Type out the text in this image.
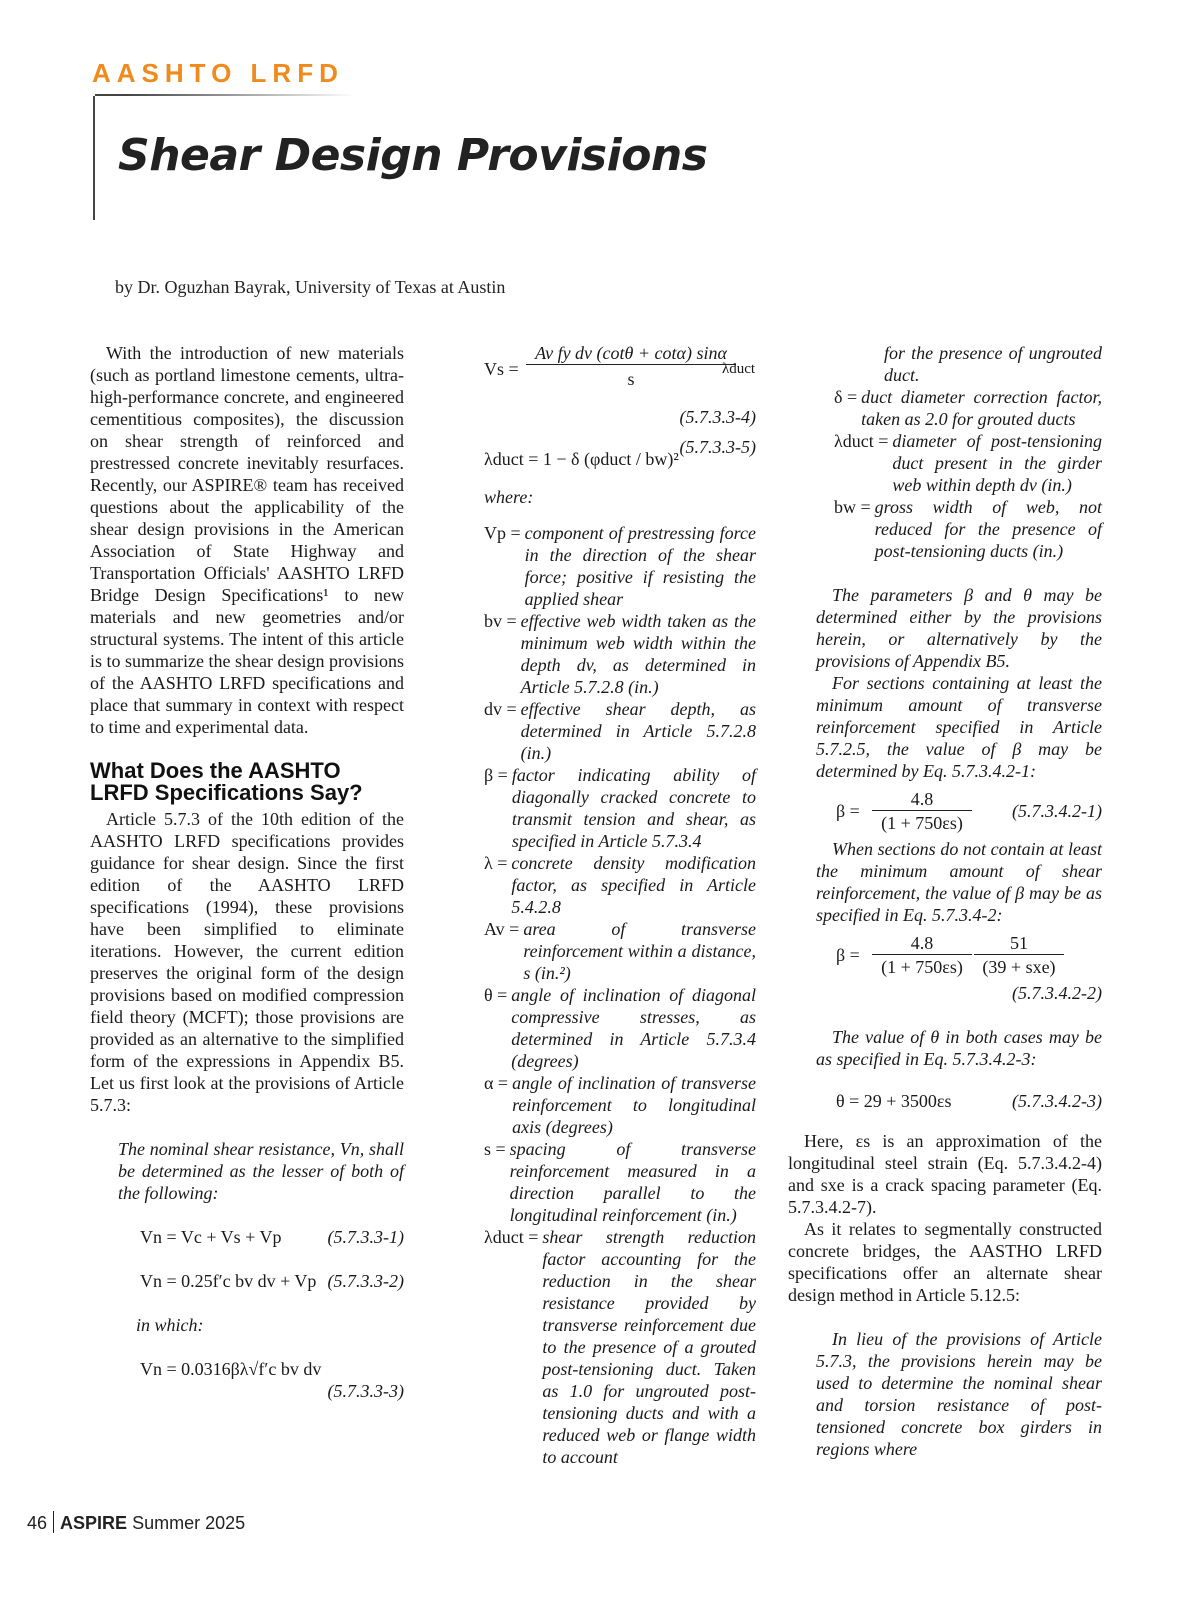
AASHTO LRFD
Shear Design Provisions
by Dr. Oguzhan Bayrak, University of Texas at Austin

With the introduction of new materials (such as portland limestone cements, ultra-high-performance concrete, and engineered cementitious composites), the discussion on shear strength of reinforced and prestressed concrete inevitably resurfaces. Recently, our ASPIRE® team has received questions about the applicability of the shear design provisions in the American Association of State Highway and Transportation Officials' AASHTO LRFD Bridge Design Specifications¹ to new materials and new geometries and/or structural systems. The intent of this article is to summarize the shear design provisions of the AASHTO LRFD specifications and place that summary in context with respect to time and experimental data.

What Does the AASHTO LRFD Specifications Say?

Article 5.7.3 of the 10th edition of the AASHTO LRFD specifications provides guidance for shear design. Since the first edition of the AASHTO LRFD specifications (1994), these provisions have been simplified to eliminate iterations. However, the current edition preserves the original form of the design provisions based on modified compression field theory (MCFT); those provisions are provided as an alternative to the simplified form of the expressions in Appendix B5. Let us first look at the provisions of Article 5.7.3:

The nominal shear resistance, Vn, shall be determined as the lesser of both of the following:

Vn = Vc + Vs + Vp	(5.7.3.3-1)
Vn = 0.25f′c bv dv + Vp (5.7.3.3-2)

in which:

Vn = 0.0316βλ√f′c bv dv
(5.7.3.3-3)
Vs =
Av fy dv (cotθ + cotα) sinα
s	λduct
(5.7.3.3-4)
λduct = 1 − δ (φduct / bw)²
(5.7.3.3-5)

where:

Vp = component of prestressing force in the direction of the shear force; positive if resisting the applied shear
bv = effective web width taken as the minimum web width within the depth dv, as determined in Article 5.7.2.8 (in.)
dv = effective shear depth, as determined in Article 5.7.2.8 (in.)
β = factor indicating ability of diagonally cracked concrete to transmit tension and shear, as specified in Article 5.7.3.4
λ = concrete density modification factor, as specified in Article 5.4.2.8
Av = area of transverse reinforcement within a distance, s (in.²)
θ = angle of inclination of diagonal compressive stresses, as determined in Article 5.7.3.4 (degrees)
α = angle of inclination of transverse reinforcement to longitudinal axis (degrees)
s = spacing of transverse reinforcement measured in a direction parallel to the longitudinal reinforcement (in.)
λduct = shear strength reduction factor accounting for the reduction in the shear resistance provided by transverse reinforcement due to the presence of a grouted post-tensioning duct. Taken as 1.0 for ungrouted post-tensioning ducts and with a reduced web or flange width to account

for the presence of ungrouted duct.

δ = duct diameter correction factor, taken as 2.0 for grouted ducts
λduct = diameter of post-tensioning duct present in the girder web within depth dv (in.)
bw = gross width of web, not reduced for the presence of post-tensioning ducts (in.)

The parameters β and θ may be determined either by the provisions herein, or alternatively by the provisions of Appendix B5.

For sections containing at least the minimum amount of transverse reinforcement specified in Article 5.7.2.5, the value of β may be determined by Eq. 5.7.3.4.2-1:

β =
4.8
(1 + 750εs)
(5.7.3.4.2-1)

When sections do not contain at least the minimum amount of shear reinforcement, the value of β may be as specified in Eq. 5.7.3.4-2:

β =
4.8
(1 + 750εs)
51
(39 + sxe)
(5.7.3.4.2-2)

The value of θ in both cases may be as specified in Eq. 5.7.3.4.2-3:

θ = 29 + 3500εs	(5.7.3.4.2-3)

Here, εs is an approximation of the longitudinal steel strain (Eq. 5.7.3.4.2-4) and sxe is a crack spacing parameter (Eq. 5.7.3.4.2-7).

As it relates to segmentally constructed concrete bridges, the AASTHO LRFD specifications offer an alternate shear design method in Article 5.12.5:

In lieu of the provisions of Article 5.7.3, the provisions herein may be used to determine the nominal shear and torsion resistance of post-tensioned concrete box girders in regions where

46 ASPIRE Summer 2025
